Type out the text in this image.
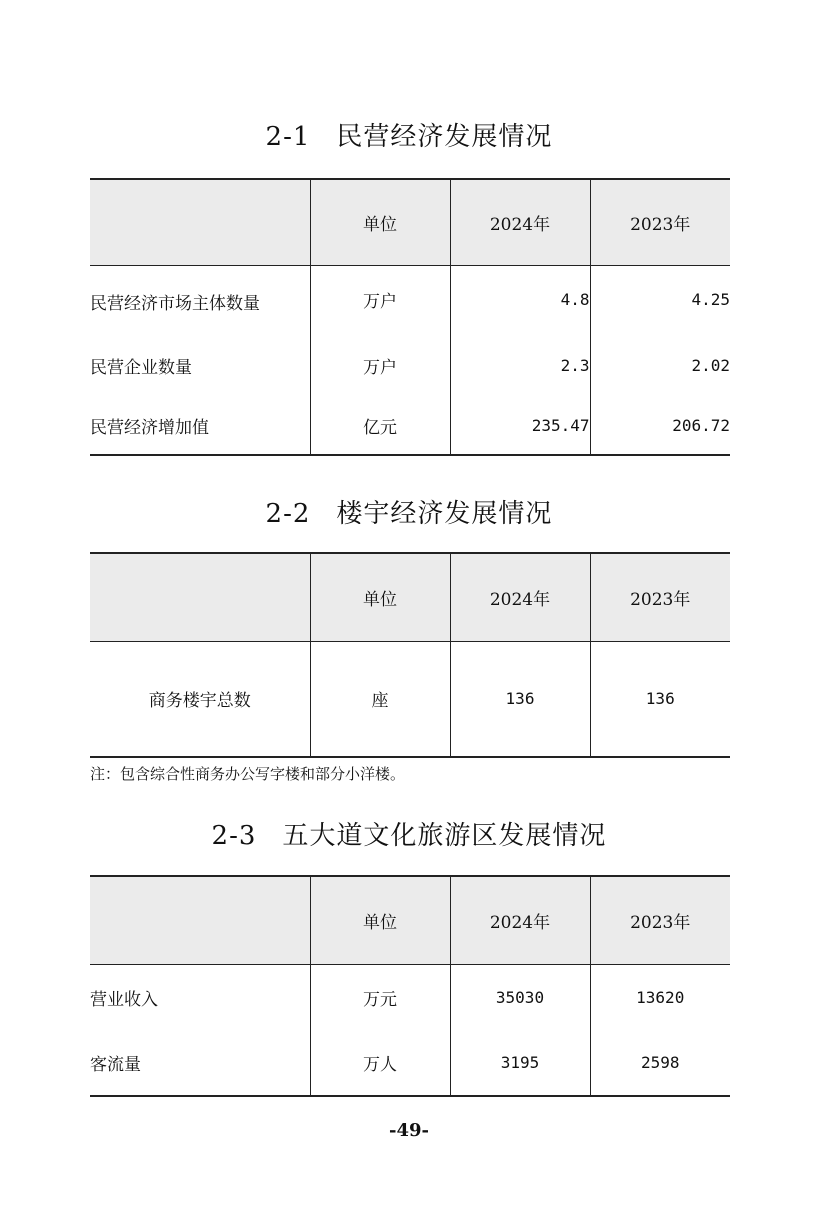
2-1 民营经济发展情况
	单位	2024年	2023年
民营经济市场主体数量	万户	4.8	4.25
民营企业数量	万户	2.3	2.02
民营经济增加值	亿元	235.47	206.72
2-2 楼宇经济发展情况
	单位	2024年	2023年
商务楼宇总数	座	136	136
注：包含综合性商务办公写字楼和部分小洋楼。
2-3 五大道文化旅游区发展情况
	单位	2024年	2023年
营业收入	万元	35030	13620
客流量	万人	3195	2598
-49-
